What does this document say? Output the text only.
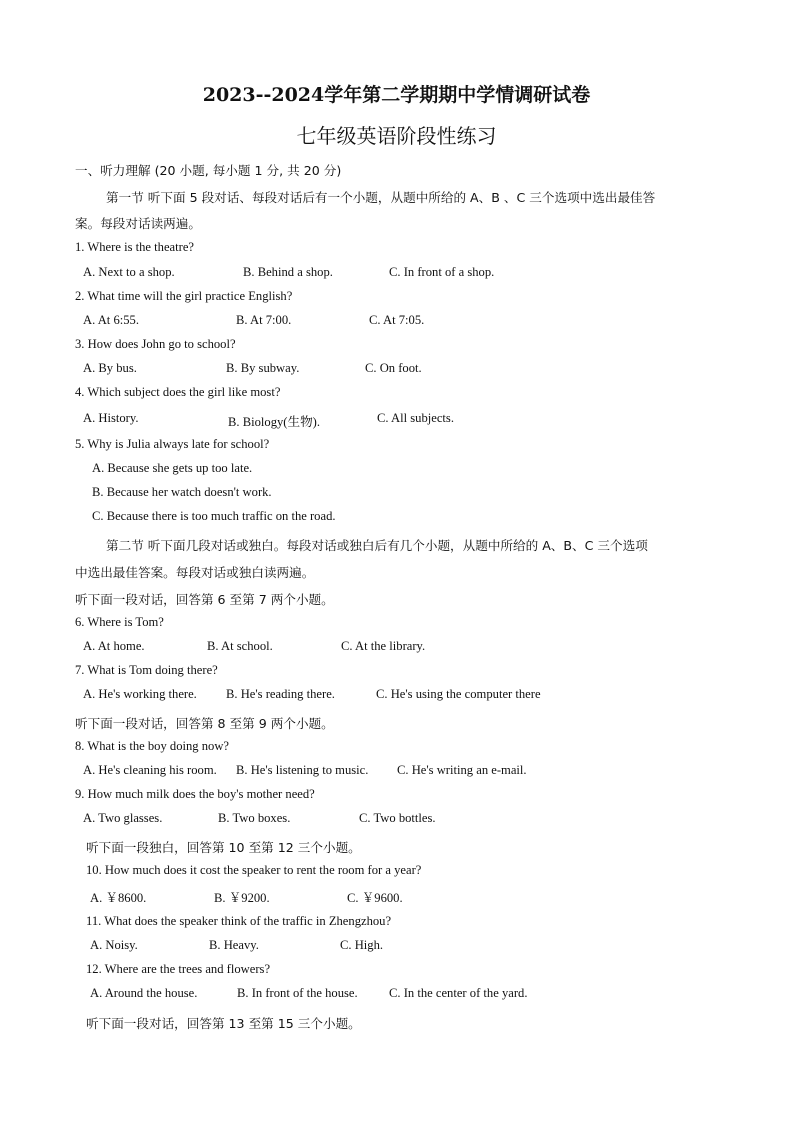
2023--2024学年第二学期期中学情调研试卷
七年级英语阶段性练习
一、听力理解 (20 小题, 每小题 1 分, 共 20 分)
第一节 听下面 5 段对话、每段对话后有一个小题，从题中所给的 A、B 、C 三个选项中选出最佳答
案。每段对话读两遍。
1. Where is the theatre?
A. Next to a shop.	B. Behind a shop.	C. In front of a shop.
2. What time will the girl practice English?
A. At 6:55.	B. At 7:00.	C. At 7:05.
3. How does John go to school?
A. By bus.	B. By subway.	C. On foot.
4. Which subject does the girl like most?
A. History.	B. Biology(生物).	C. All subjects.
5. Why is Julia always late for school?
A. Because she gets up too late.
B. Because her watch doesn't work.
C. Because there is too much traffic on the road.
第二节 听下面几段对话或独白。每段对话或独白后有几个小题，从题中所给的 A、B、C 三个选项
中选出最佳答案。每段对话或独白读两遍。
听下面一段对话，回答第 6 至第 7 两个小题。
6. Where is Tom?
A. At home.	B. At school.	C. At the library.
7. What is Tom doing there?
A. He's working there. B. He's reading there.	C. He's using the computer there
听下面一段对话，回答第 8 至第 9 两个小题。
8. What is the boy doing now?
A. He's cleaning his room. B. He's listening to music. C. He's writing an e-mail.
9. How much milk does the boy's mother need?
A. Two glasses.	B. Two boxes.	C. Two bottles.
听下面一段独白，回答第 10 至第 12 三个小题。
10. How much does it cost the speaker to rent the room for a year?
A. ￥8600.	B. ￥9200.	C. ￥9600.
11. What does the speaker think of the traffic in Zhengzhou?
A. Noisy.	B. Heavy.	C. High.
12. Where are the trees and flowers?
A. Around the house.	B. In front of the house. C. In the center of the yard.
听下面一段对话，回答第 13 至第 15 三个小题。
